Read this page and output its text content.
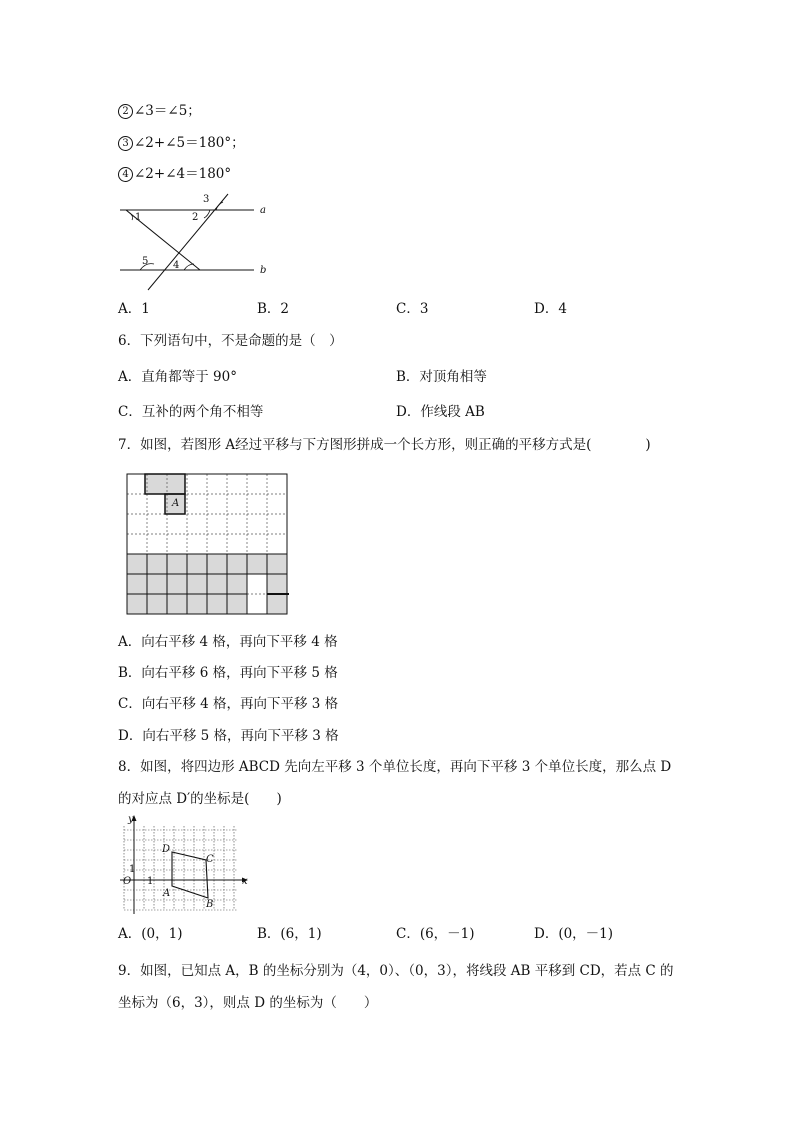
2 ∠3＝∠5；
3 ∠2+∠5＝180°；
4 ∠2+∠4＝180°
1	2
3
4
5
a
b
A．1	B．2	C．3	D．4
6．下列语句中，不是命题的是（　）
A．直角都等于 90°	B．对顶角相等
C．互补的两个角不相等	D．作线段 AB
7．如图，若图形 A经过平移与下方图形拼成一个长方形，则正确的平移方式是(　　　　)
A
A．向右平移 4 格，再向下平移 4 格
B．向右平移 6 格，再向下平移 5 格
C．向右平移 4 格，再向下平移 3 格
D．向右平移 5 格，再向下平移 3 格
8．如图，将四边形 ABCD 先向左平移 3 个单位长度，再向下平移 3 个单位长度，那么点 D
的对应点 D′的坐标是(　　)
y
x
O 1
1
D
C
A
B
A．(0，1)	B．(6，1)	C．(6，－1)	D．(0，－1)
9．如图，已知点 A，B 的坐标分别为（4，0）、（0，3），将线段 AB 平移到 CD，若点 C 的
坐标为（6，3），则点 D 的坐标为（　　）
